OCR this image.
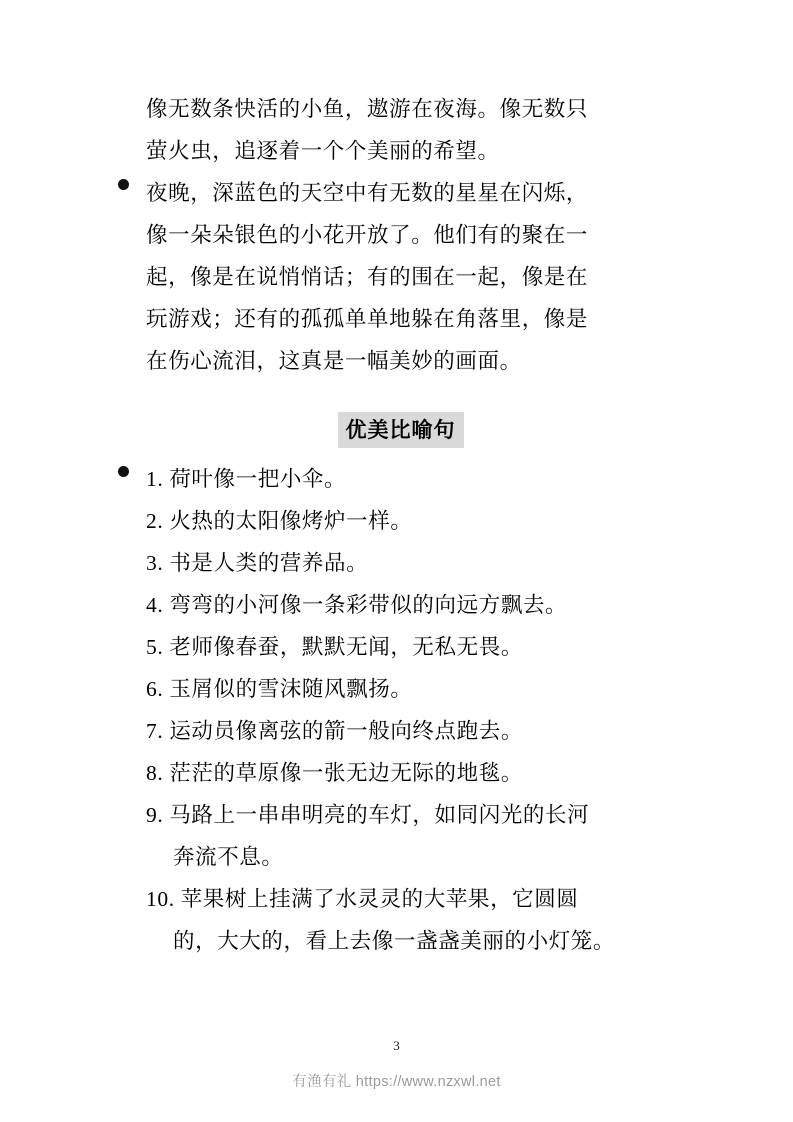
像无数条快活的小鱼，遨游在夜海。像无数只
萤火虫，追逐着一个个美丽的希望。
夜晚，深蓝色的天空中有无数的星星在闪烁，
像一朵朵银色的小花开放了。他们有的聚在一
起，像是在说悄悄话；有的围在一起，像是在
玩游戏；还有的孤孤单单地躲在角落里，像是
在伤心流泪，这真是一幅美妙的画面。
优美比喻句
1. 荷叶像一把小伞。
2. 火热的太阳像烤炉一样。
3. 书是人类的营养品。
4. 弯弯的小河像一条彩带似的向远方飘去。
5. 老师像春蚕，默默无闻，无私无畏。
6. 玉屑似的雪沫随风飘扬。
7. 运动员像离弦的箭一般向终点跑去。
8. 茫茫的草原像一张无边无际的地毯。
9. 马路上一串串明亮的车灯，如同闪光的长河
奔流不息。
10. 苹果树上挂满了水灵灵的大苹果，它圆圆
的，大大的，看上去像一盏盏美丽的小灯笼。
3
有渔有礼 https://www.nzxwl.net
